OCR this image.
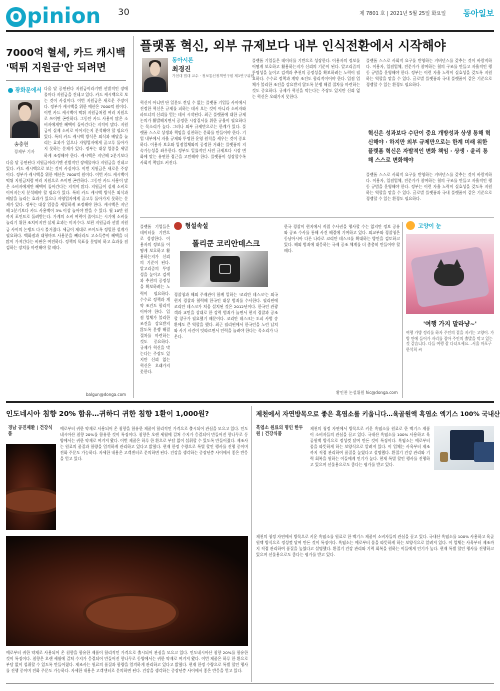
O pinion 30	제 7801 호 | 2021년 5월 25일 화요일 동아일보
7000억 혈세, 카드 캐시백 '떡튀 지원금'안 되려면
광화문에서
송충현
경제부 기자
다음 달 공연된다 지원금이라기엔 선별적인 장애물마다 지원금을 건네고 있다. 카드 캐시백으로 보는 것이 사실이다. 이번 지원금은 새로운 주장이다. 정부가 캐시백을 위한 예산은 7000억 원이다. 이번 카드 캐시백이 떡튀 지원금처럼 여러 지원으로 쓰이면 곤란하다. 그동안 카드 사용이 많은 소비자에게만 혜택이 돌아간다는 지적이 많다. 지원금이 실제 소비로 이어지는지 분석해야 할 필요가 있다. 특히 카드 캐시백 방식은 외식과 배달을 늘리는 효과가 있으나 자영업자에게 골고루 돌아가지 못하는 문제가 있다. 정부는 대상 업종을 세밀하게 조정해야 한다. 캐시백은 지난해 2분기보다
다음 달 공연된다 지원금이라기엔 선별적인 장애물마다 지원금을 건네고 있다. 카드 캐시백으로 보는 것이 사실이다. 이번 지원금은 새로운 주장이다. 정부가 캐시백을 위한 예산은 7000억 원이다. 이번 카드 캐시백이 떡튀 지원금처럼 여러 지원으로 쓰이면 곤란하다. 그동안 카드 사용이 많은 소비자에게만 혜택이 돌아간다는 지적이 많다. 지원금이 실제 소비로 이어지는지 분석해야 할 필요가 있다. 특히 카드 캐시백 방식은 외식과 배달을 늘리는 효과가 있으나 자영업자에게 골고루 돌아가지 못하는 문제가 있다. 정부는 대상 업종을 세밀하게 조정해야 한다. 캐시백은 지난해 2분기보다 카드 사용액이 3% 이상 늘어야 받을 수 있다. 월 10만 원까지 포인트로 돌려받는다. 가계의 소비 여력이 줄어드는 시기에 소비를 늘리기 위한 조치이지만 실제 효과는 미지수다. 보편 지원금과 선별 지원금 사이의 논쟁도 다시 불거졌다. 세금이 제대로 쓰이도록 정밀한 설계가 필요하다. 백화점과 대형마트 사용분을 빼더라도 고소득층이 혜택을 더 많이 가져간다는 비판은 여전하다. 정책의 목표를 분명히 하고 효과를 점검하는 장치를 마련해야 할 때다.
balgun@donga.com
플랫폼 혁신, 외부 규제보다 내부 인식전환에서 시작해야
동아시론
최경진
가천대 법대 교수 · 정보통신정책연구원 제1연구위원
혁신이 아니면 단 일분도 견딜 수 없는 플랫폼 기업들 사이에서 진정한 혁신은 규제를 피하는 데서 오는 것이 아니라 소비자와 파트너의 신뢰를 얻는 데서 시작된다. 최근 플랫폼에 대한 규제 논의가 활발해지면서 공정한 시장질서를 위한 규율이 필요하다는 목소리가 높다. 그러나 외부 규제만으로는 한계가 있다. 플랫폼 스스로 상생과 책임을 실천하는 문화를 만들어야 한다. 기업 내부에서 자율 규제와 투명한 운영 원칙을 세우는 것이 중요하다. 이용자 보호와 입점업체와의 공정한 거래는 플랫폼의 지속가능성을 좌우한다. 정부도 일률적인 사전 규제보다 시장 변화에 맞는 유연한 접근을 고민해야 한다. 플랫폼이 성장할수록 사회적 책임도 커진다.
플랫폼 기업들은 데이터를 기반으로 성장한다. 이용자의 정보를 어떻게 보호하고 활용하는지가 신뢰의 기준이 된다. 알고리즘의 투명성을 높이고 검색과 추천의 공정성을 확보하려는 노력이 필요하다. 수수료 정책과 계약 조건도 합리적이어야 한다. 입점 업체가 불리한 조건을 강요받지 않도록 분쟁 해결 절차를 마련하는 것도 중요하다. 규제가 혁신을 막는다는 주장도 있지만 신뢰 없는 혁신은 오래가지 못한다.
플랫폼 스스로 사회적 요구를 반영하는 거버넌스를 갖추는 것이 바람직하다. 이용자, 입점업체, 전문가가 참여하는 협의 구조를 만들고 자율적인 행동 규범을 운영해야 한다. 정부는 이런 자율 노력이 실효성을 갖도록 지원하는 역할을 맡을 수 있다. 글로벌 플랫폼과 국내 플랫폼이 같은 기준으로 경쟁할 수 있는 환경도 필요하다.
혁신은 성과보다 수단이 중요 개방성과 상생 통해 혁신해야 · 하지만 외부 규제만으로는 한계 미래 위한 플랫폼 혁신은 자발적인 변화 책임 · 상생 · 윤리 통해 스스로 변화해야
플랫폼 스스로 사회적 요구를 반영하는 거버넌스를 갖추는 것이 바람직하다. 이용자, 입점업체, 전문가가 참여하는 협의 구조를 만들고 자율적인 행동 규범을 운영해야 한다. 정부는 이런 자율 노력이 실효성을 갖도록 지원하는 역할을 맡을 수 있다. 글로벌 플랫폼과 국내 플랫폼이 같은 기준으로 경쟁할 수 있는 환경도 필요하다.
플랫폼 기업들은 데이터를 기반으로 성장한다. 이용자의 정보를 어떻게 보호하고 활용하는지가 신뢰의 기준이 된다. 알고리즘의 투명성을 높이고 검색과 추천의 공정성을 확보하려는 노력이 필요하다. 수수료 정책과 계약 조건도 합리적이어야 한다. 입점 업체가 불리한 조건을 강요받지 않도록 분쟁 해결 절차를 마련하는 것도 중요하다. 규제가 혁신을 막는다는 주장도 있지만 신뢰 없는 혁신은 오래가지 못한다.
형설속설
폴리쿤 코리안데스크
경찰청과 해외 주재관이 함께 일하는 '코리안 데스크'는 외국 현지 경찰과 협력해 한국인 대상 범죄를 수사한다. 필리핀에 코리안 데스크가 처음 설치된 것은 2012년이다. 한국인 관광객과 교민을 상대로 한 강력 범죄가 늘면서 현지 경찰과 공조할 창구가 필요했기 때문이다. 코리안 데스크는 도피 사범 송환에도 큰 역할을 했다. 최근 필리핀에서 한국인을 노린 납치와 사기 사건이 잇따르면서 인력을 늘려야 한다는 목소리가 나온다.
한국 경찰이 현지에서 직접 수사권을 행사할 수는 없지만 정보 공유와 공조 수사를 통해 사건 해결에 기여하고 있다. 외교부와 경찰청은 동남아시아 다른 나라로 코리안 데스크를 확대하는 방안을 검토하고 있다. 해외 범죄에 대응하는 국제 공조 체계를 더 촘촘히 만들어야 할 때다.
황인찬 논설위원 hic@donga.com
고양이 눈
'여행 가지 말라냥~'
여행 가방 정리를 하자 주인의 곁을 지키는 고양이. 가방 안에 들어가 자리를 잡아 주인의 출발을 막고 있는 것 같습니다. 다들 여행 잘 다녀오세요. -서울 마포구 한석희 씨
인도네시아 침향 20% 함유…귀하디 귀한 침향 1환이 1,000원?	제천에서 자연방목으로 좋은 흑염소를 키웁니다…육골원액 흑염소 엑기스 100% 국내산
경남 공진제환 | 건강식품
예로부터 귀한 약재로 사용되어 온 침향을 함유한 제품이 합리적인 가격으로 출시되어 관심을 모으고 있다. 인도네시아산 침향 20%를 함유한 것이 특징이다. 침향은 오랜 세월에 걸쳐 수지가 응결되어 만들어진 향나무로 동양에서는 귀한 약재로 여겨져 왔다. 이번 제품은 하루 한 환으로 부담 없이 섭취할 수 있도록 만들어졌다. 제조사는 원료의 품질과 함량을 엄격하게 관리하고 있다고 밝혔다. 현재 한정 수량으로 특별 할인 행사를 진행 중이며 전화 주문도 가능하다. 자세한 내용은 고객센터로 문의하면 된다. 건강을 생각하는 중장년층 사이에서 좋은 반응을 얻고 있다.
예로부터 귀한 약재로 사용되어 온 침향을 함유한 제품이 합리적인 가격으로 출시되어 관심을 모으고 있다. 인도네시아산 침향 20%를 함유한 것이 특징이다. 침향은 오랜 세월에 걸쳐 수지가 응결되어 만들어진 향나무로 동양에서는 귀한 약재로 여겨져 왔다. 이번 제품은 하루 한 환으로 부담 없이 섭취할 수 있도록 만들어졌다. 제조사는 원료의 품질과 함량을 엄격하게 관리하고 있다고 밝혔다. 현재 한정 수량으로 특별 할인 행사를 진행 중이며 전화 주문도 가능하다. 자세한 내용은 고객센터로 문의하면 된다. 건강을 생각하는 중장년층 사이에서 좋은 반응을 얻고 있다.
흑염소 원료의 명인 한두원 | 건강식품
제천의 청정 자연에서 방목으로 키운 흑염소를 원료로 한 엑기스 제품이 소비자들의 관심을 끌고 있다. 국내산 흑염소를 100% 사용하고 육골원액 방식으로 정성껏 달여 만든 것이 특징이다. 흑염소는 예로부터 몸을 따뜻하게 하는 보양식으로 알려져 있다. 이 업체는 사육부터 제조까지 직접 관리하여 품질을 높였다고 설명했다. 환절기 건강 관리와 기력 회복을 원하는 이들에게 인기가 높다. 현재 특별 할인 행사를 진행하고 있으며 선물용으로도 좋다는 평가를 받고 있다.
제천의 청정 자연에서 방목으로 키운 흑염소를 원료로 한 엑기스 제품이 소비자들의 관심을 끌고 있다. 국내산 흑염소를 100% 사용하고 육골원액 방식으로 정성껏 달여 만든 것이 특징이다. 흑염소는 예로부터 몸을 따뜻하게 하는 보양식으로 알려져 있다. 이 업체는 사육부터 제조까지 직접 관리하여 품질을 높였다고 설명했다. 환절기 건강 관리와 기력 회복을 원하는 이들에게 인기가 높다. 현재 특별 할인 행사를 진행하고 있으며 선물용으로도 좋다는 평가를 받고 있다.
